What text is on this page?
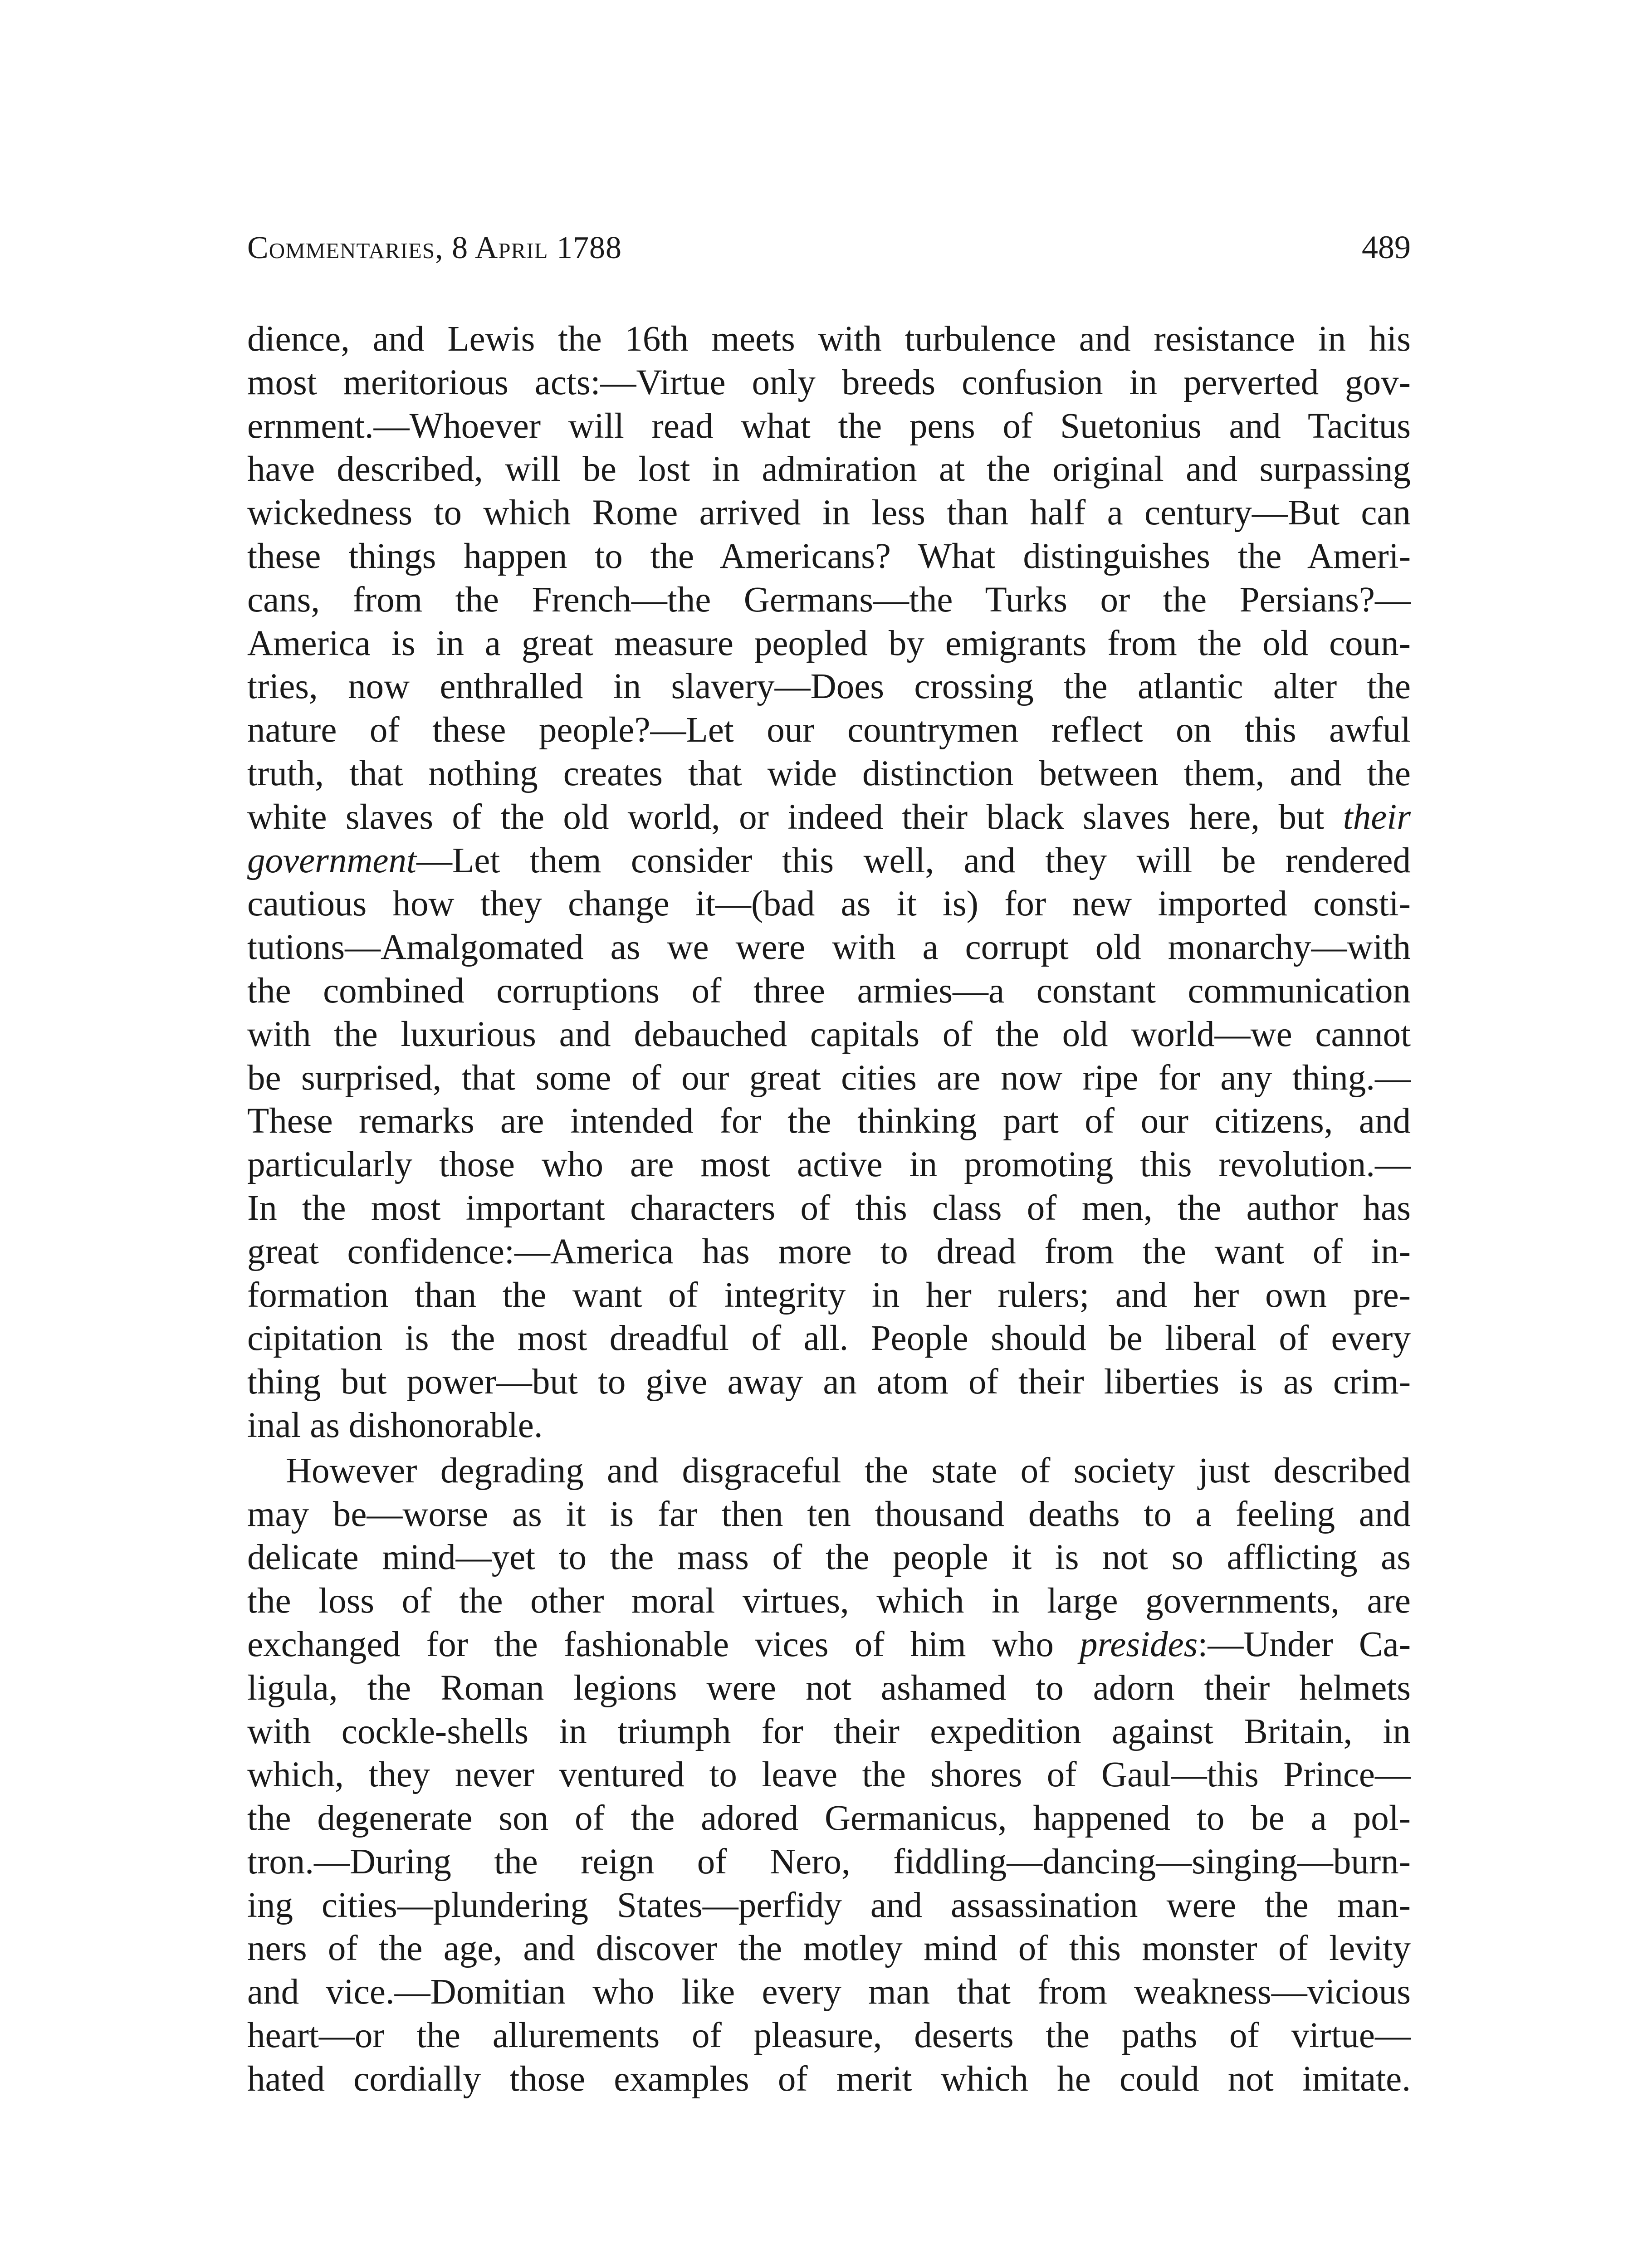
Commentaries, 8 April 1788	489
dience, and Lewis the 16th meets with turbulence and resistance in his
most meritorious acts:—Virtue only breeds confusion in perverted gov-
ernment.—Whoever will read what the pens of Suetonius and Tacitus
have described, will be lost in admiration at the original and surpassing
wickedness to which Rome arrived in less than half a century—But can
these things happen to the Americans? What distinguishes the Ameri-
cans, from the French—the Germans—the Turks or the Persians?—
America is in a great measure peopled by emigrants from the old coun-
tries, now enthralled in slavery—Does crossing the atlantic alter the
nature of these people?—Let our countrymen reflect on this awful
truth, that nothing creates that wide distinction between them, and the
white slaves of the old world, or indeed their black slaves here, but their
government—Let them consider this well, and they will be rendered
cautious how they change it—(bad as it is) for new imported consti-
tutions—Amalgomated as we were with a corrupt old monarchy—with
the combined corruptions of three armies—a constant communication
with the luxurious and debauched capitals of the old world—we cannot
be surprised, that some of our great cities are now ripe for any thing.—
These remarks are intended for the thinking part of our citizens, and
particularly those who are most active in promoting this revolution.—
In the most important characters of this class of men, the author has
great confidence:—America has more to dread from the want of in-
formation than the want of integrity in her rulers; and her own pre-
cipitation is the most dreadful of all. People should be liberal of every
thing but power—but to give away an atom of their liberties is as crim-
inal as dishonorable.
However degrading and disgraceful the state of society just described
may be—worse as it is far then ten thousand deaths to a feeling and
delicate mind—yet to the mass of the people it is not so afflicting as
the loss of the other moral virtues, which in large governments, are
exchanged for the fashionable vices of him who presides:—Under Ca-
ligula, the Roman legions were not ashamed to adorn their helmets
with cockle-shells in triumph for their expedition against Britain, in
which, they never ventured to leave the shores of Gaul—this Prince—
the degenerate son of the adored Germanicus, happened to be a pol-
tron.—During the reign of Nero, fiddling—dancing—singing—burn-
ing cities—plundering States—perfidy and assassination were the man-
ners of the age, and discover the motley mind of this monster of levity
and vice.—Domitian who like every man that from weakness—vicious
heart—or the allurements of pleasure, deserts the paths of virtue—
hated cordially those examples of merit which he could not imitate.
